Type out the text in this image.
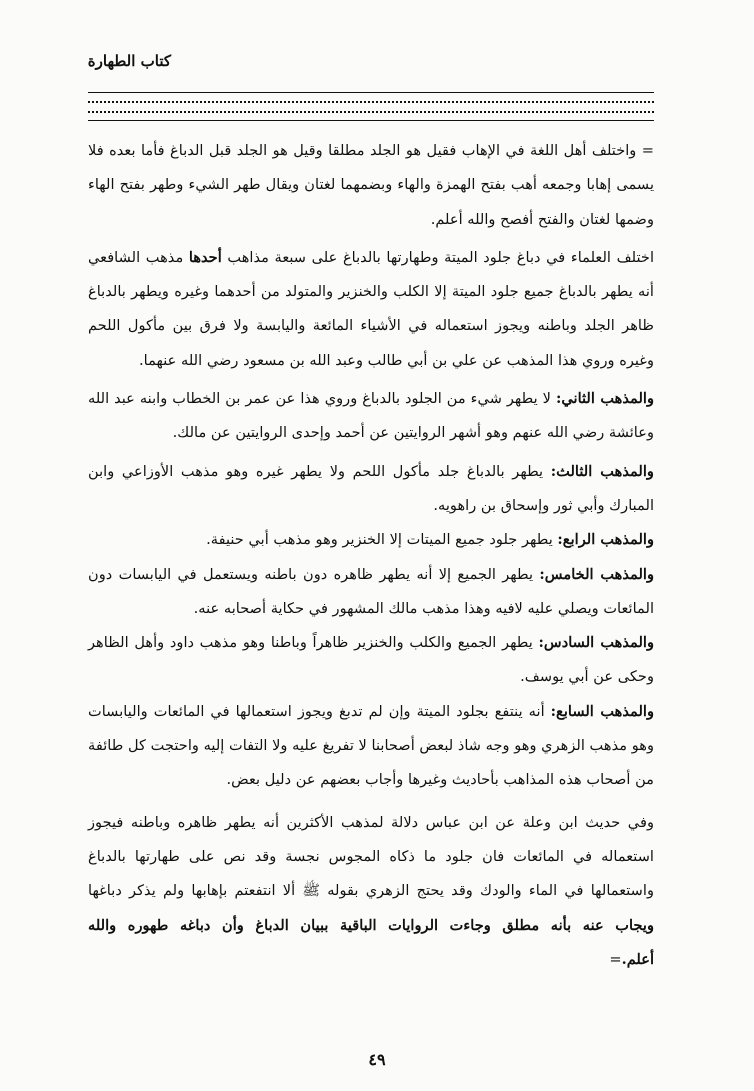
كتاب الطهارة

= واختلف أهل اللغة في الإهاب فقيل هو الجلد مطلقا وقيل هو الجلد قبل الدباغ فأما بعده فلا يسمى إهابا وجمعه أهب بفتح الهمزة والهاء وبضمهما لغتان ويقال طهر الشيء وطهر بفتح الهاء وضمها لغتان والفتح أفصح والله أعلم.

اختلف العلماء في دباغ جلود الميتة وطهارتها بالدباغ على سبعة مذاهب أحدها مذهب الشافعي أنه يطهر بالدباغ جميع جلود الميتة إلا الكلب والخنزير والمتولد من أحدهما وغيره ويطهر بالدباغ ظاهر الجلد وباطنه ويجوز استعماله في الأشياء المائعة واليابسة ولا فرق بين مأكول اللحم وغيره وروي هذا المذهب عن علي بن أبي طالب وعبد الله بن مسعود رضي الله عنهما.

والمذهب الثاني: لا يطهر شيء من الجلود بالدباغ وروي هذا عن عمر بن الخطاب وابنه عبد الله وعائشة رضي الله عنهم وهو أشهر الروايتين عن أحمد وإحدى الروايتين عن مالك.

والمذهب الثالث: يطهر بالدباغ جلد مأكول اللحم ولا يطهر غيره وهو مذهب الأوزاعي وابن المبارك وأبي ثور وإسحاق بن راهويه.

والمذهب الرابع: يطهر جلود جميع الميتات إلا الخنزير وهو مذهب أبي حنيفة.

والمذهب الخامس: يطهر الجميع إلا أنه يطهر ظاهره دون باطنه ويستعمل في اليابسات دون المائعات ويصلي عليه لافيه وهذا مذهب مالك المشهور في حكاية أصحابه عنه.

والمذهب السادس: يطهر الجميع والكلب والخنزير ظاهراً وباطنا وهو مذهب داود وأهل الظاهر وحكى عن أبي يوسف.

والمذهب السابع: أنه ينتفع بجلود الميتة وإن لم تدبغ ويجوز استعمالها في المائعات واليابسات وهو مذهب الزهري وهو وجه شاذ لبعض أصحابنا لا تفريغ عليه ولا التفات إليه واحتجت كل طائفة من أصحاب هذه المذاهب بأحاديث وغيرها وأجاب بعضهم عن دليل بعض.

وفي حديث ابن وعلة عن ابن عباس دلالة لمذهب الأكثرين أنه يطهر ظاهره وباطنه فيجوز استعماله في المائعات فان جلود ما ذكاه المجوس نجسة وقد نص على طهارتها بالدباغ واستعمالها في الماء والودك وقد يحتج الزهري بقوله ﷺ ألا انتفعتم بإهابها ولم يذكر دباغها ويجاب عنه بأنه مطلق وجاءت الروايات الباقية ببيان الدباغ وأن دباغه طهوره والله أعلم.=

٤٩
